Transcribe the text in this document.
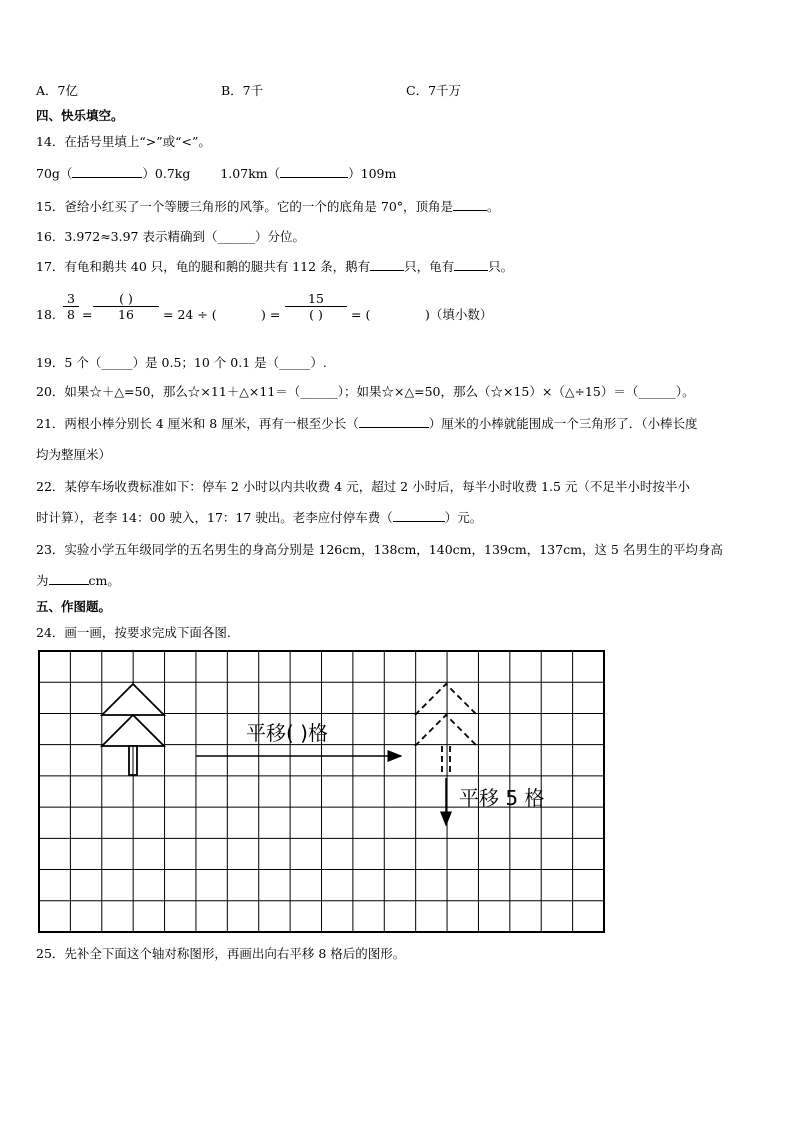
A．7亿	B．7千	C．7千万
四、快乐填空。
14．在括号里填上“>”或“<”。
70g（	）0.7kg 1.07km（	）109m
15．爸给小红买了一个等腰三角形的风筝。它的一个的底角是 70°，顶角是	。
16．3.972≈3.97 表示精确到（______）分位。
17．有龟和鹅共 40 只，龟的腿和鹅的腿共有 112 条，鹅有	只，龟有	只。
18. $\frac{3}{8}$ =
( )
16	= 24 ÷ (	) =
15
( )	= (	)（填小数）
19．5 个（_____）是 0.5；10 个 0.1 是（_____）.
20．如果☆＋△=50，那么☆×11＋△×11＝（______）；如果☆×△=50，那么（☆×15）×（△÷15）＝（______）。
21．两根小棒分别长 4 厘米和 8 厘米，再有一根至少长（	）厘米的小棒就能围成一个三角形了．（小棒长度
均为整厘米）
22．某停车场收费标准如下：停车 2 小时以内共收费 4 元，超过 2 小时后，每半小时收费 1.5 元（不足半小时按半小
时计算），老李 14：00 驶入，17：17 驶出。老李应付停车费（	）元。
23．实验小学五年级同学的五名男生的身高分别是 126cm，138cm，140cm，139cm，137cm，这 5 名男生的平均身高
为	cm。
五、作图题。
24．画一画，按要求完成下面各图.
平移( )格
平移 5 格
25．先补全下面这个轴对称图形，再画出向右平移 8 格后的图形。
